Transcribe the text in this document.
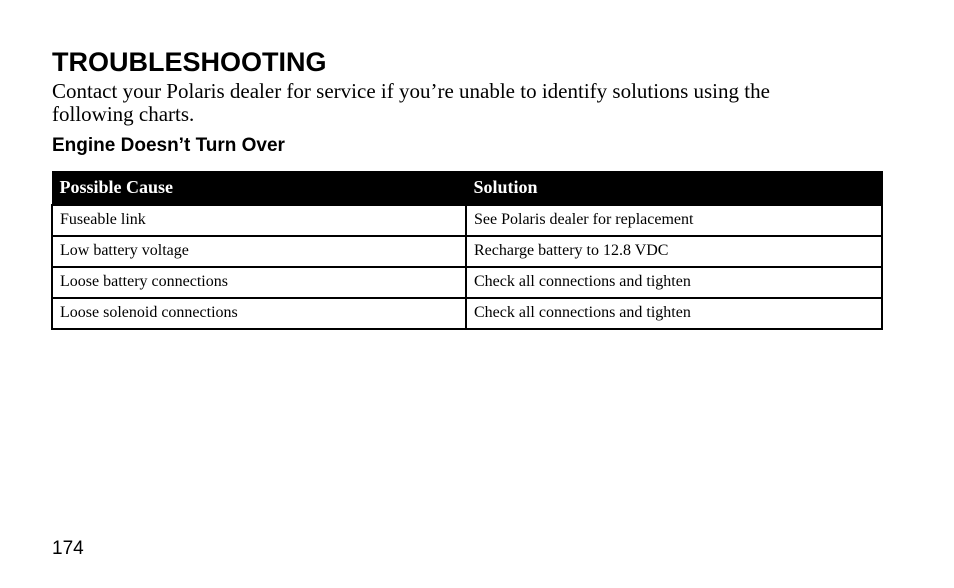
TROUBLESHOOTING

Contact your Polaris dealer for service if you’re unable to identify solutions using the following charts.

Engine Doesn’t Turn Over
Possible Cause	Solution
Fuseable link	See Polaris dealer for replacement
Low battery voltage	Recharge battery to 12.8 VDC
Loose battery connections	Check all connections and tighten
Loose solenoid connections	Check all connections and tighten

174
